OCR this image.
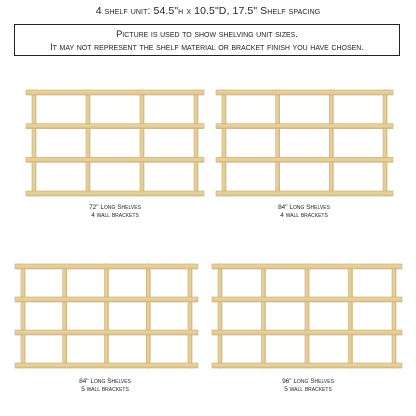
4 shelf unit: 54.5"h x 10.5"D, 17.5" Shelf spacing
Picture is used to show shelving unit sizes.
It may not represent the shelf material or bracket finish you have chosen.
72" Long Shelves
4 wall brackets
84" Long Shelves
4 wall brackets
84" Long Shelves
5 wall brackets
96" Long Shelves
5 wall brackets
